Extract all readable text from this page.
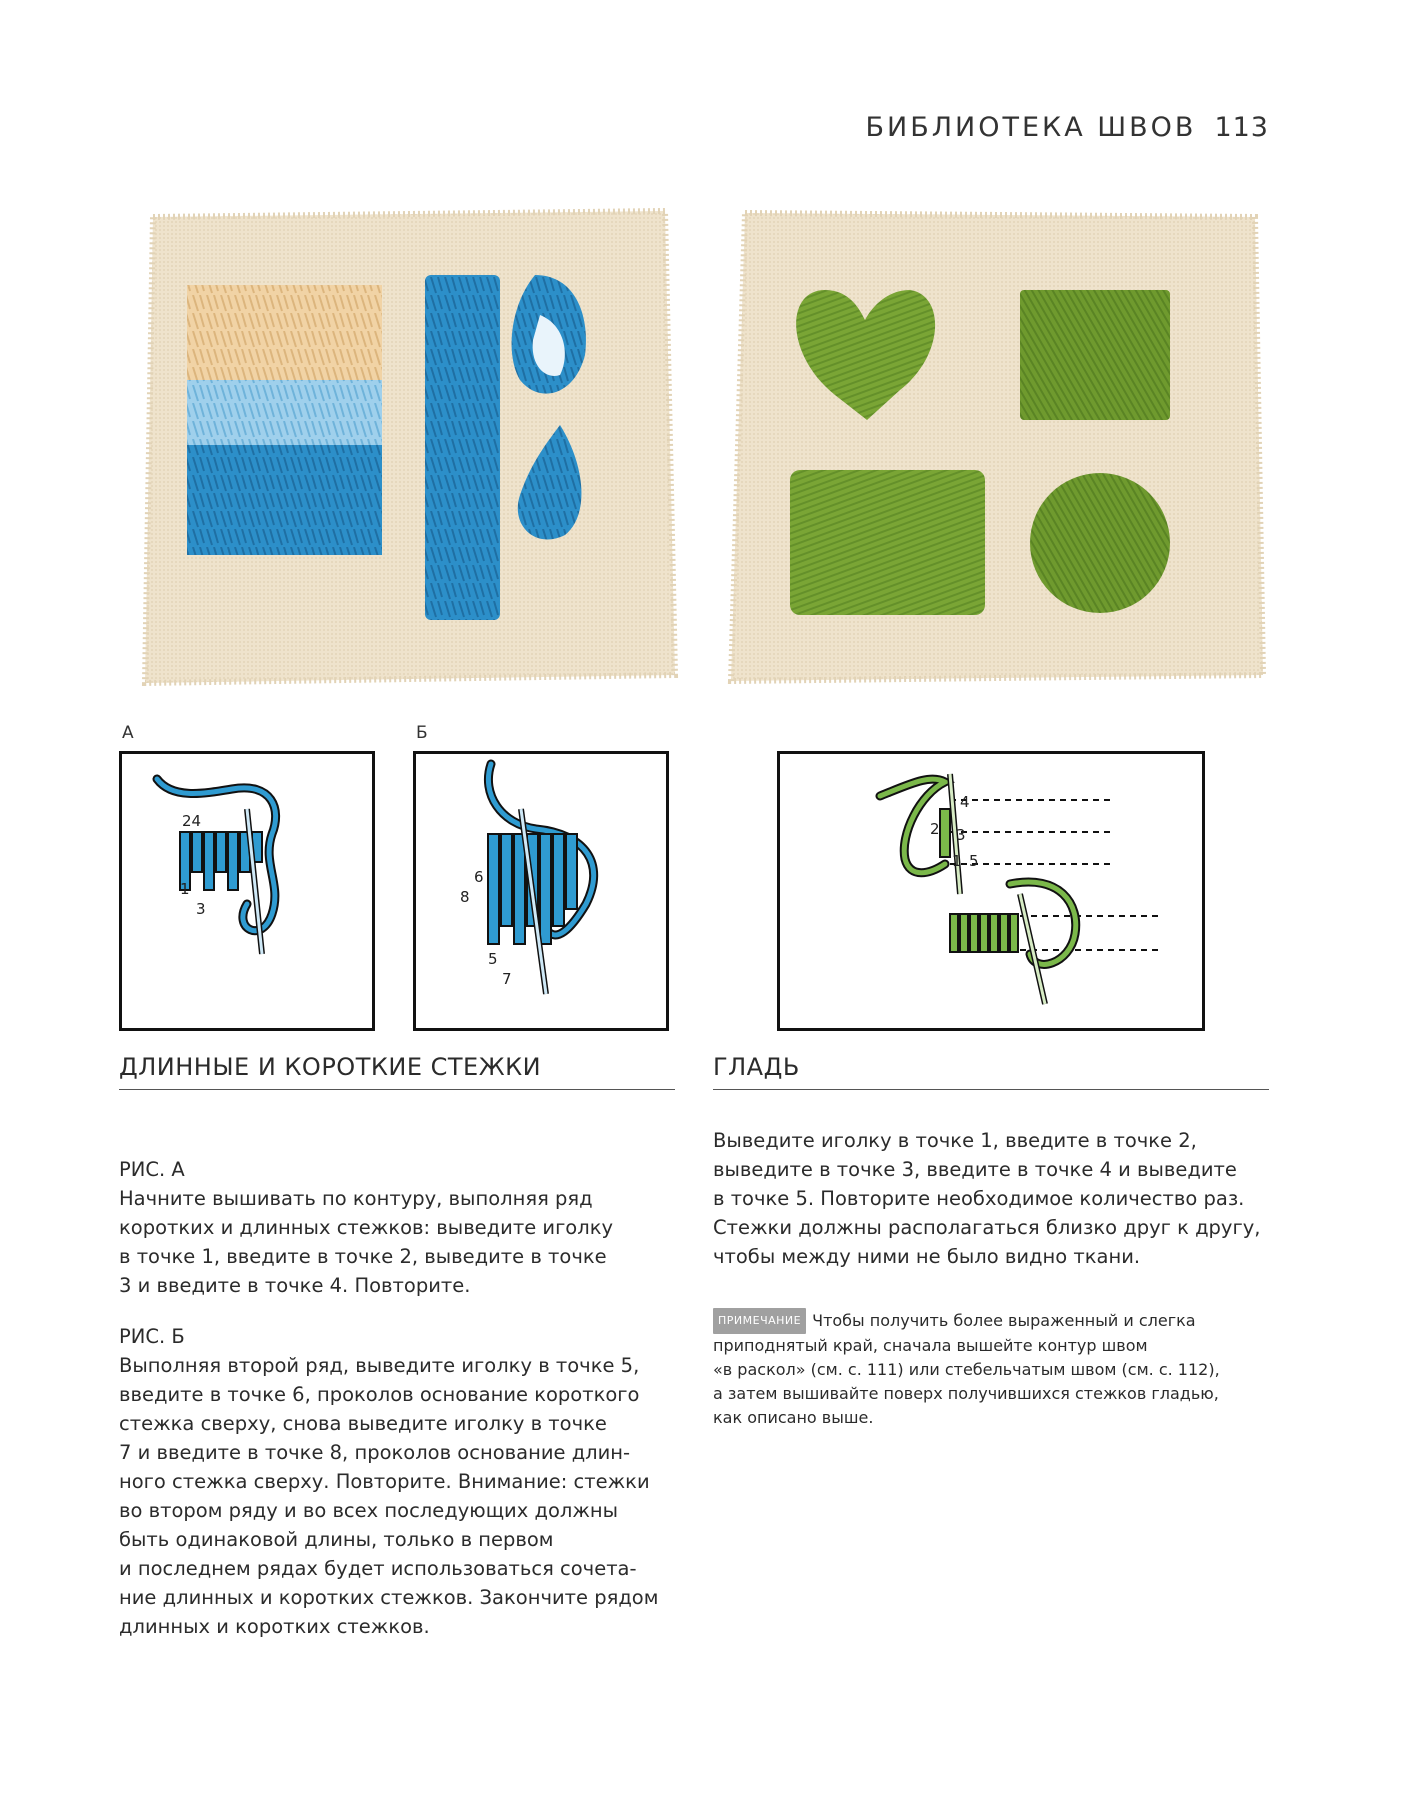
БИБЛИОТЕКА ШВОВ 113
А	Б
24
1
3
6
8
5
7
4
2 3
1 5
ДЛИННЫЕ И КОРОТКИЕ СТЕЖКИ	ГЛАДЬ
РИС. А
Начните вышивать по контуру, выполняя ряд
коротких и длинных стежков: выведите иголку
в точке 1, введите в точке 2, выведите в точке
3 и введите в точке 4. Повторите.
РИС. Б
Выполняя второй ряд, выведите иголку в точке 5,
введите в точке 6, проколов основание короткого
стежка сверху, снова выведите иголку в точке
7 и введите в точке 8, проколов основание длин-
ного стежка сверху. Повторите. Внимание: стежки
во втором ряду и во всех последующих должны
быть одинаковой длины, только в первом
и последнем рядах будет использоваться сочета-
ние длинных и коротких стежков. Закончите рядом
длинных и коротких стежков.
Выведите иголку в точке 1, введите в точке 2,
выведите в точке 3, введите в точке 4 и выведите
в точке 5. Повторите необходимое количество раз.
Стежки должны располагаться близко друг к другу,
чтобы между ними не было видно ткани.
ПРИМЕЧАНИЕ Чтобы получить более выраженный и слегка
приподнятый край, сначала вышейте контур швом
«в раскол» (см. с. 111) или стебельчатым швом (см. с. 112),
а затем вышивайте поверх получившихся стежков гладью,
как описано выше.
